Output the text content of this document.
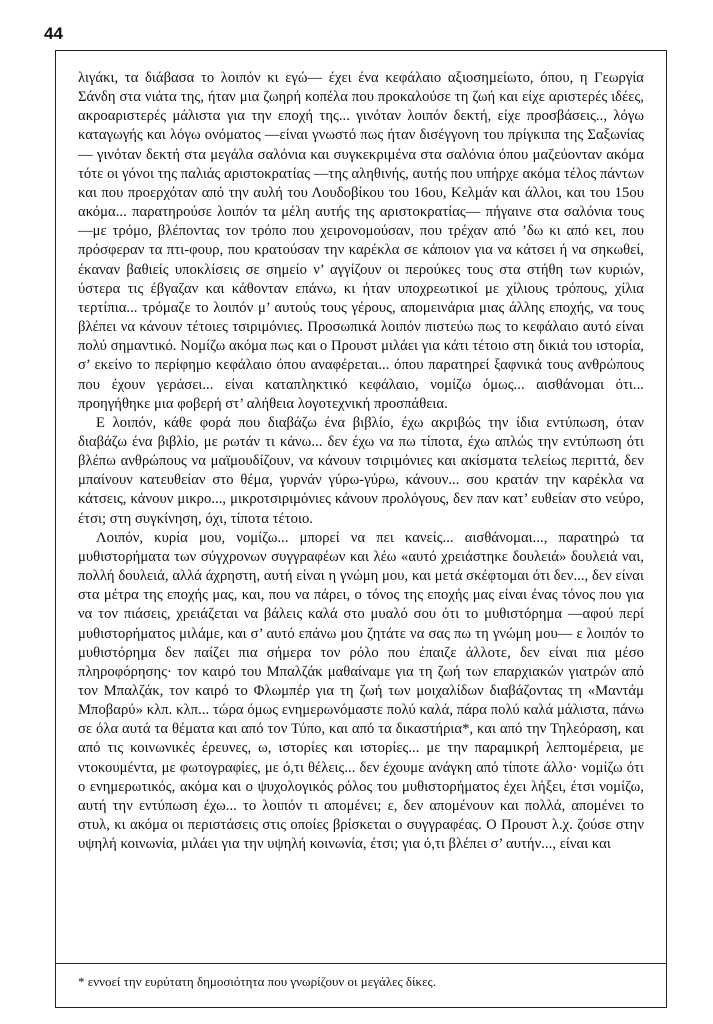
44

λιγάκι, τα διάβασα το λοιπόν κι εγώ— έχει ένα κεφάλαιο αξιοσημείωτο, όπου, η Γεωργία Σάνδη στα νιάτα της, ήταν μια ζωηρή κοπέλα που προκαλούσε τη ζωή και είχε αριστερές ιδέες, ακροαριστερές μάλιστα για την εποχή της... γινόταν λοιπόν δεκτή, είχε προσβάσεις.., λόγω καταγωγής και λόγω ονόματος —είναι γνωστό πως ήταν δισέγγονη του πρίγκιπα της Σαξωνίας— γινόταν δεκτή στα μεγάλα σαλόνια και συγκεκριμένα στα σαλόνια όπου μαζεύονταν ακόμα τότε οι γόνοι της παλιάς αριστοκρατίας —της αληθινής, αυτής που υπήρχε ακόμα τέλος πάντων και που προερχόταν από την αυλή του Λουδοβίκου του 16ου, Κελμάν και άλλοι, και του 15ου ακόμα... παρατηρούσε λοιπόν τα μέλη αυτής της αριστοκρατίας— πήγαινε στα σαλόνια τους —με τρόμο, βλέποντας τον τρόπο που χειρονομούσαν, που τρέχαν από ’δω κι από κει, που πρόσφεραν τα πτι-φουρ, που κρατούσαν την καρέκλα σε κάποιον για να κάτσει ή να σηκωθεί, έκαναν βαθιείς υποκλίσεις σε σημείο ν’ αγγίζουν οι περούκες τους στα στήθη των κυριών, ύστερα τις έβγαζαν και κάθονταν επάνω, κι ήταν υποχρεωτικοί με χίλιους τρόπους, χίλια τερτίπια... τρόμαζε το λοιπόν μ’ αυτούς τους γέρους, απομεινάρια μιας άλλης εποχής, να τους βλέπει να κάνουν τέτοιες τσιριμόνιες. Προσωπικά λοιπόν πιστεύω πως το κεφάλαιο αυτό είναι πολύ σημαντικό. Νομίζω ακόμα πως και ο Προυστ μιλάει για κάτι τέτοιο στη δικιά του ιστορία, σ’ εκείνο το περίφημο κεφάλαιο όπου αναφέρεται... όπου παρατηρεί ξαφνικά τους ανθρώπους που έχουν γεράσει... είναι καταπληκτικό κεφάλαιο, νομίζω όμως... αισθάνομαι ότι... προηγήθηκε μια φοβερή στ’ αλήθεια λογοτεχνική προσπάθεια.

Ε λοιπόν, κάθε φορά που διαβάζω ένα βιβλίο, έχω ακριβώς την ίδια εντύπωση, όταν διαβάζω ένα βιβλίο, με ρωτάν τι κάνω... δεν έχω να πω τίποτα, έχω απλώς την εντύπωση ότι βλέπω ανθρώπους να μαϊμουδίζουν, να κάνουν τσιριμόνιες και ακίσματα τελείως περιττά, δεν μπαίνουν κατευθείαν στο θέμα, γυρνάν γύρω-γύρω, κάνουν... σου κρατάν την καρέκλα να κάτσεις, κάνουν μικρο..., μικροτσιριμόνιες κάνουν προλόγους, δεν παν κατ’ ευθείαν στο νεύρο, έτσι; στη συγκίνηση, όχι, τίποτα τέτοιο.

Λοιπόν, κυρία μου, νομίζω... μπορεί να πει κανείς... αισθάνομαι..., παρατηρώ τα μυθιστορήματα των σύγχρονων συγγραφέων και λέω «αυτό χρειάστηκε δουλειά» δουλειά ναι, πολλή δουλειά, αλλά άχρηστη, αυτή είναι η γνώμη μου, και μετά σκέφτομαι ότι δεν..., δεν είναι στα μέτρα της εποχής μας, και, που να πάρει, ο τόνος της εποχής μας είναι ένας τόνος που για να τον πιάσεις, χρειάζεται να βάλεις καλά στο μυαλό σου ότι το μυθιστόρημα —αφού περί μυθιστορήματος μιλάμε, και σ’ αυτό επάνω μου ζητάτε να σας πω τη γνώμη μου— ε λοιπόν το μυθιστόρημα δεν παίζει πια σήμερα τον ρόλο που έπαιζε άλλοτε, δεν είναι πια μέσο πληροφόρησης· τον καιρό του Μπαλζάκ μαθαίναμε για τη ζωή των επαρχιακών γιατρών από τον Μπαλζάκ, τον καιρό το Φλωμπέρ για τη ζωή των μοιχαλίδων διαβάζοντας τη «Μαντάμ Μποβαρύ» κλπ. κλπ... τώρα όμως ενημερωνόμαστε πολύ καλά, πάρα πολύ καλά μάλιστα, πάνω σε όλα αυτά τα θέματα και από τον Τύπο, και από τα δικαστήρια*, και από την Τηλεόραση, και από τις κοινωνικές έρευνες, ω, ιστορίες και ιστορίες... με την παραμικρή λεπτομέρεια, με ντοκουμέντα, με φωτογραφίες, με ό,τι θέλεις... δεν έχουμε ανάγκη από τίποτε άλλο· νομίζω ότι ο ενημερωτικός, ακόμα και ο ψυχολογικός ρόλος του μυθιστορήματος έχει λήξει, έτσι νομίζω, αυτή την εντύπωση έχω... το λοιπόν τι απομένει; ε, δεν απομένουν και πολλά, απομένει το στυλ, κι ακόμα οι περιστάσεις στις οποίες βρίσκεται ο συγγραφέας. Ο Προυστ λ.χ. ζούσε στην υψηλή κοινωνία, μιλάει για την υψηλή κοινωνία, έτσι; για ό,τι βλέπει σ’ αυτήν..., είναι και

* εννοεί την ευρύτατη δημοσιότητα που γνωρίζουν οι μεγάλες δίκες.
